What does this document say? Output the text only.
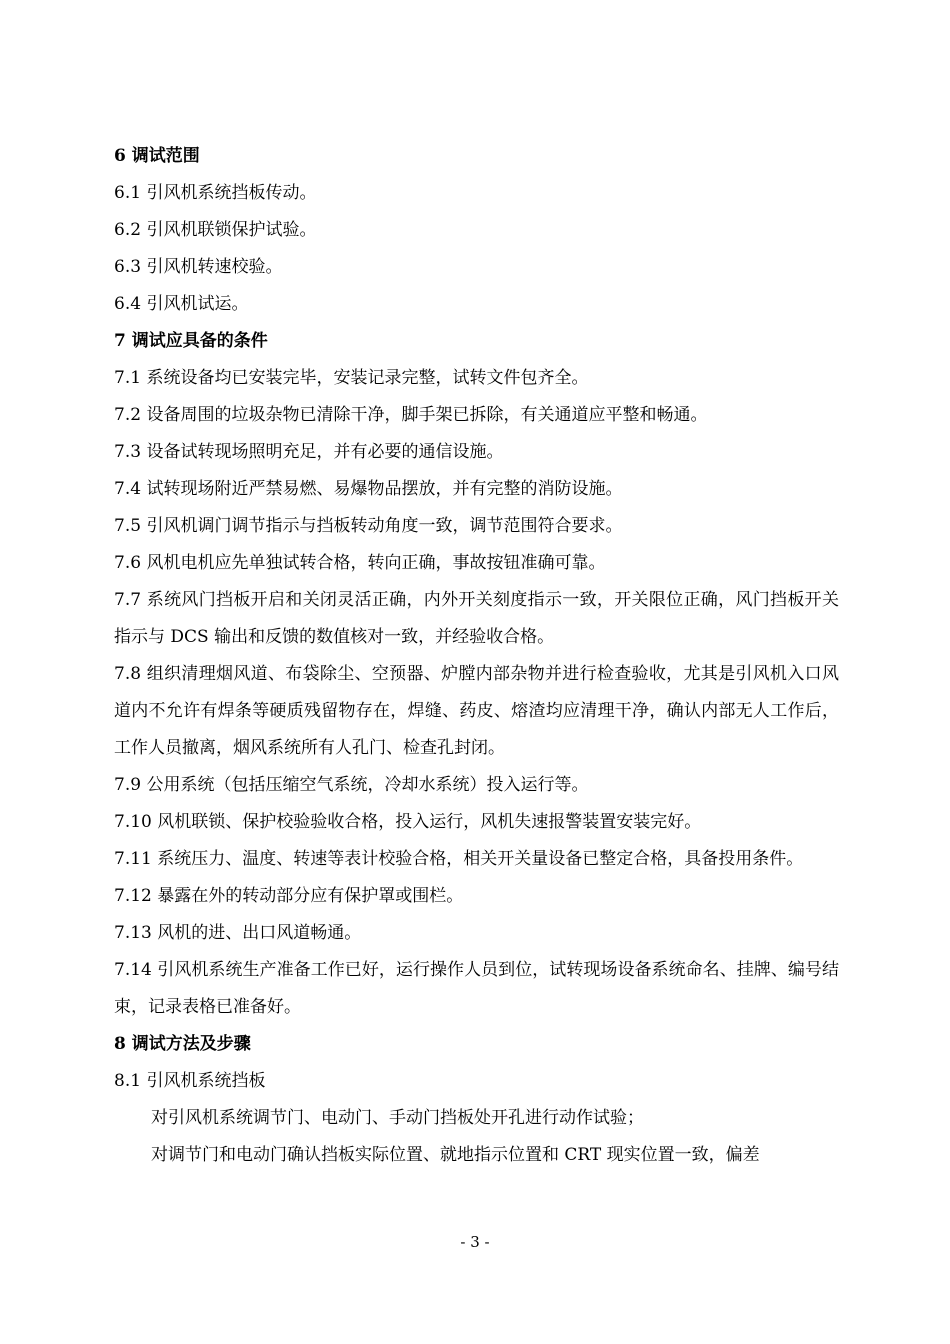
6 调试范围

6.1 引风机系统挡板传动。

6.2 引风机联锁保护试验。

6.3 引风机转速校验。

6.4 引风机试运。

7 调试应具备的条件

7.1 系统设备均已安装完毕，安装记录完整，试转文件包齐全。

7.2 设备周围的垃圾杂物已清除干净，脚手架已拆除，有关通道应平整和畅通。

7.3 设备试转现场照明充足，并有必要的通信设施。

7.4 试转现场附近严禁易燃、易爆物品摆放，并有完整的消防设施。

7.5 引风机调门调节指示与挡板转动角度一致，调节范围符合要求。

7.6 风机电机应先单独试转合格，转向正确，事故按钮准确可靠。

7.7 系统风门挡板开启和关闭灵活正确，内外开关刻度指示一致，开关限位正确，风门挡板开关指示与 DCS 输出和反馈的数值核对一致，并经验收合格。

7.8 组织清理烟风道、布袋除尘、空预器、炉膛内部杂物并进行检查验收，尤其是引风机入口风道内不允许有焊条等硬质残留物存在，焊缝、药皮、熔渣均应清理干净，确认内部无人工作后，工作人员撤离，烟风系统所有人孔门、检查孔封闭。

7.9 公用系统（包括压缩空气系统，冷却水系统）投入运行等。

7.10 风机联锁、保护校验验收合格，投入运行，风机失速报警装置安装完好。

7.11 系统压力、温度、转速等表计校验合格，相关开关量设备已整定合格，具备投用条件。

7.12 暴露在外的转动部分应有保护罩或围栏。

7.13 风机的进、出口风道畅通。

7.14 引风机系统生产准备工作已好，运行操作人员到位，试转现场设备系统命名、挂牌、编号结束，记录表格已准备好。

8 调试方法及步骤

8.1 引风机系统挡板

对引风机系统调节门、电动门、手动门挡板处开孔进行动作试验；

对调节门和电动门确认挡板实际位置、就地指示位置和 CRT 现实位置一致，偏差

- 3 -
